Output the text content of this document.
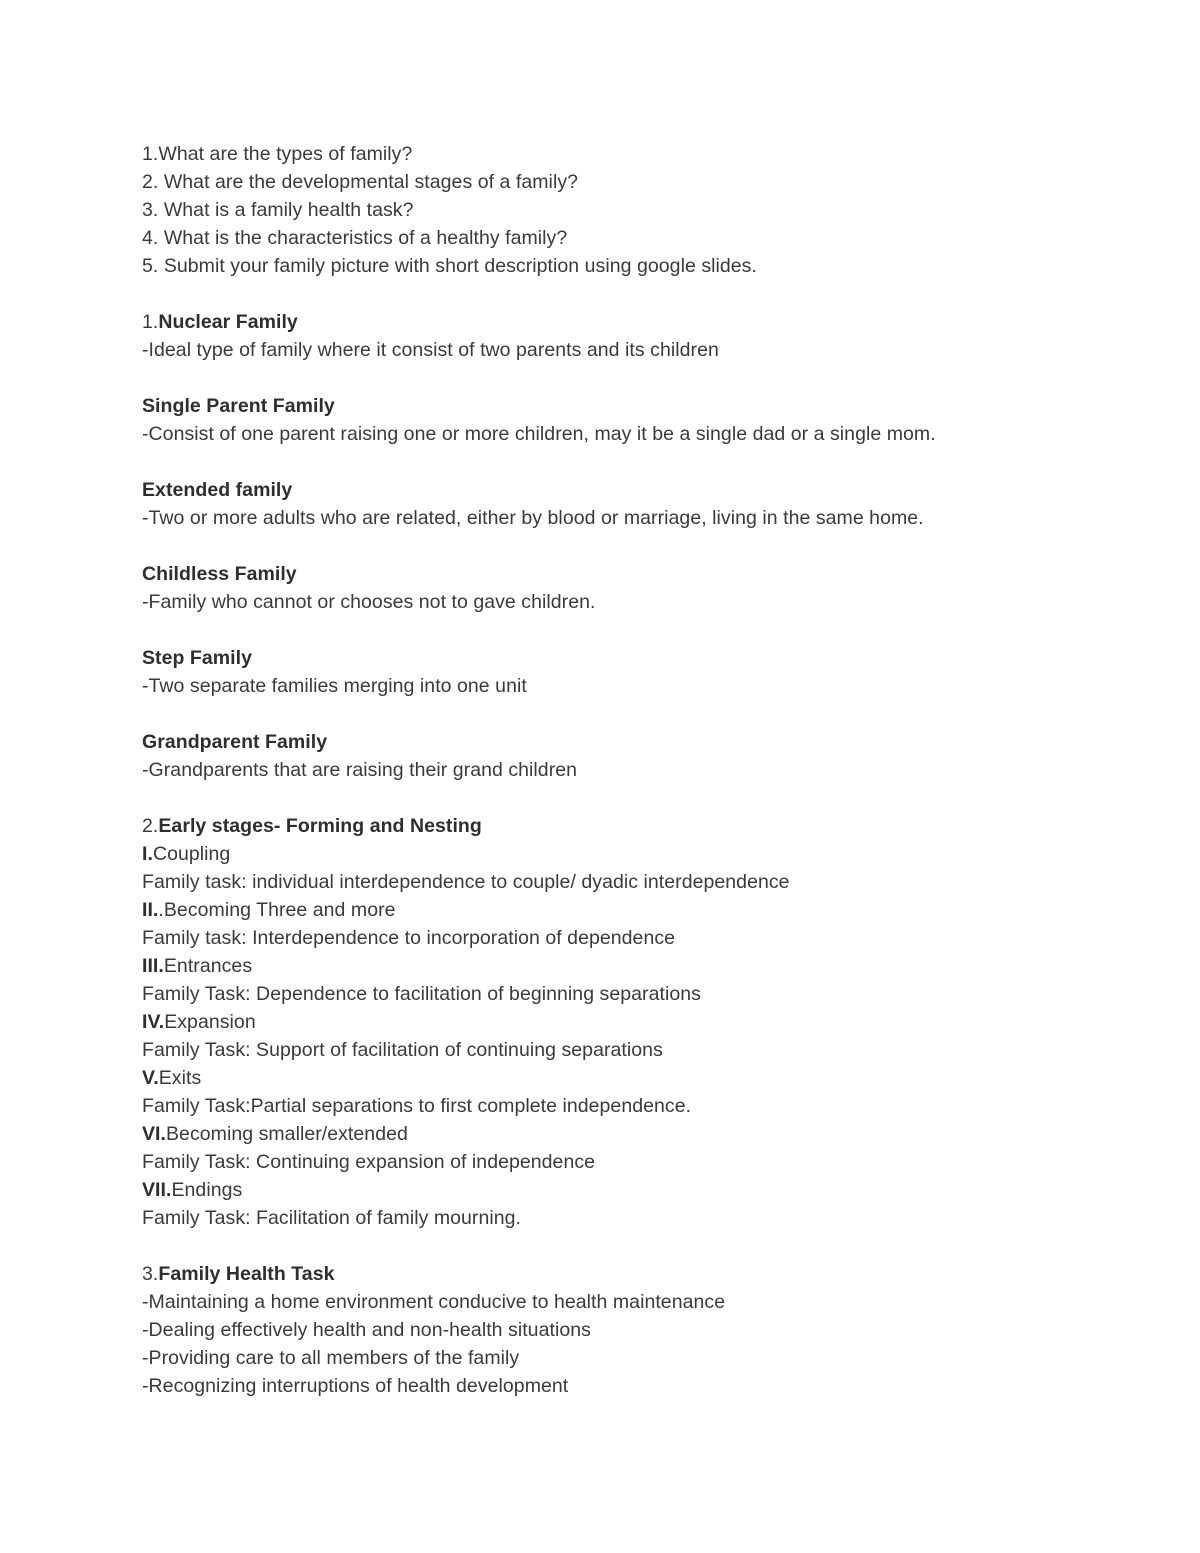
1.What are the types of family?
2. What are the developmental stages of a family?
3. What is a family health task?
4. What is the characteristics of a healthy family?
5. Submit your family picture with short description using google slides.
1.Nuclear Family
-Ideal type of family where it consist of two parents and its children
Single Parent Family
-Consist of one parent raising one or more children, may it be a single dad or a single mom.
Extended family
-Two or more adults who are related, either by blood or marriage, living in the same home.
Childless Family
-Family who cannot or chooses not to gave children.
Step Family
-Two separate families merging into one unit
Grandparent Family
-Grandparents that are raising their grand children
2.Early stages- Forming and Nesting
I.Coupling
Family task: individual interdependence to couple/ dyadic interdependence
II..Becoming Three and more
Family task: Interdependence to incorporation of dependence
III.Entrances
Family Task: Dependence to facilitation of beginning separations
IV.Expansion
Family Task: Support of facilitation of continuing separations
V.Exits
Family Task:Partial separations to first complete independence.
VI.Becoming smaller/extended
Family Task: Continuing expansion of independence
VII.Endings
Family Task: Facilitation of family mourning.
3.Family Health Task
-Maintaining a home environment conducive to health maintenance
-Dealing effectively health and non-health situations
-Providing care to all members of the family
-Recognizing interruptions of health development
